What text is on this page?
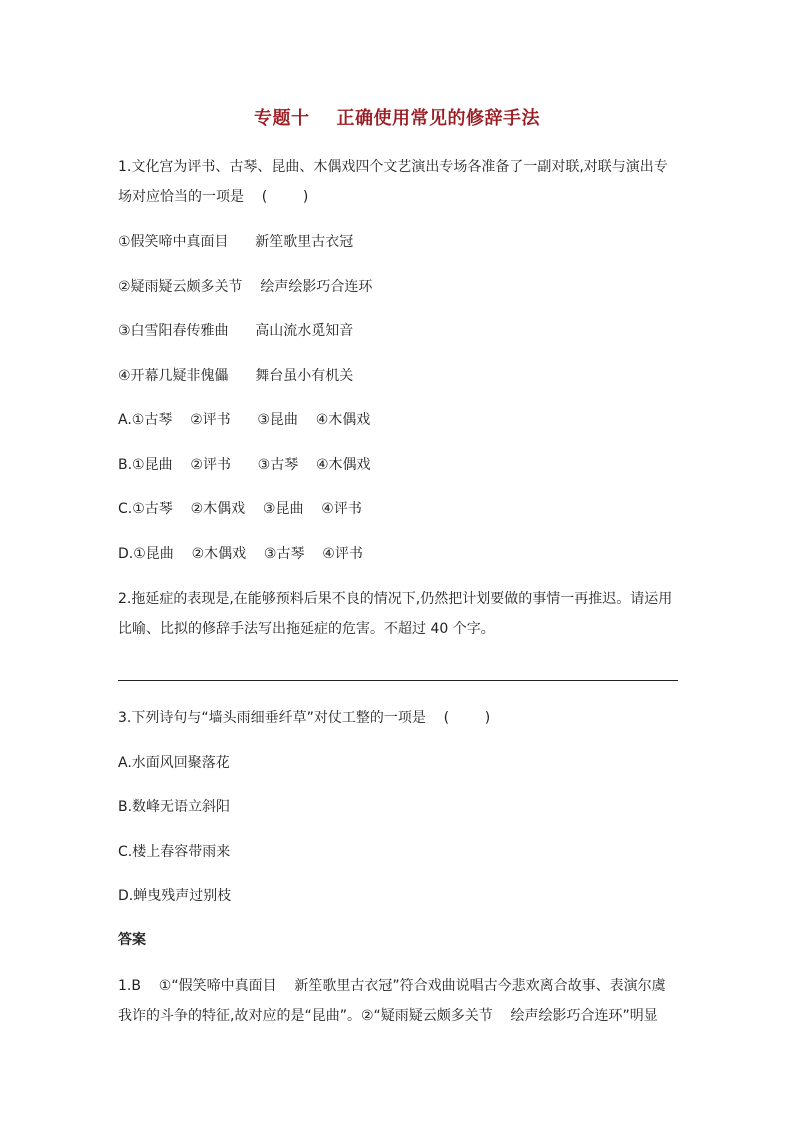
专题十    正确使用常见的修辞手法
1.文化宫为评书、古琴、昆曲、木偶戏四个文艺演出专场各准备了一副对联,对联与演出专
场对应恰当的一项是    (        )
①假笑啼中真面目      新笙歌里古衣冠
②疑雨疑云颇多关节    绘声绘影巧合连环
③白雪阳春传雅曲      高山流水觅知音
④开幕几疑非傀儡      舞台虽小有机关
A.①古琴    ②评书      ③昆曲    ④木偶戏
B.①昆曲    ②评书      ③古琴    ④木偶戏
C.①古琴    ②木偶戏    ③昆曲    ④评书
D.①昆曲    ②木偶戏    ③古琴    ④评书
2.拖延症的表现是,在能够预料后果不良的情况下,仍然把计划要做的事情一再推迟。请运用
比喻、比拟的修辞手法写出拖延症的危害。不超过 40 个字。
3.下列诗句与“墙头雨细垂纤草”对仗工整的一项是    (        )
A.水面风回聚落花
B.数峰无语立斜阳
C.楼上春容带雨来
D.蝉曳残声过别枝
答案
1.B    ①“假笑啼中真面目    新笙歌里古衣冠”符合戏曲说唱古今悲欢离合故事、表演尔虞
我诈的斗争的特征,故对应的是“昆曲”。②“疑雨疑云颇多关节    绘声绘影巧合连环”明显
